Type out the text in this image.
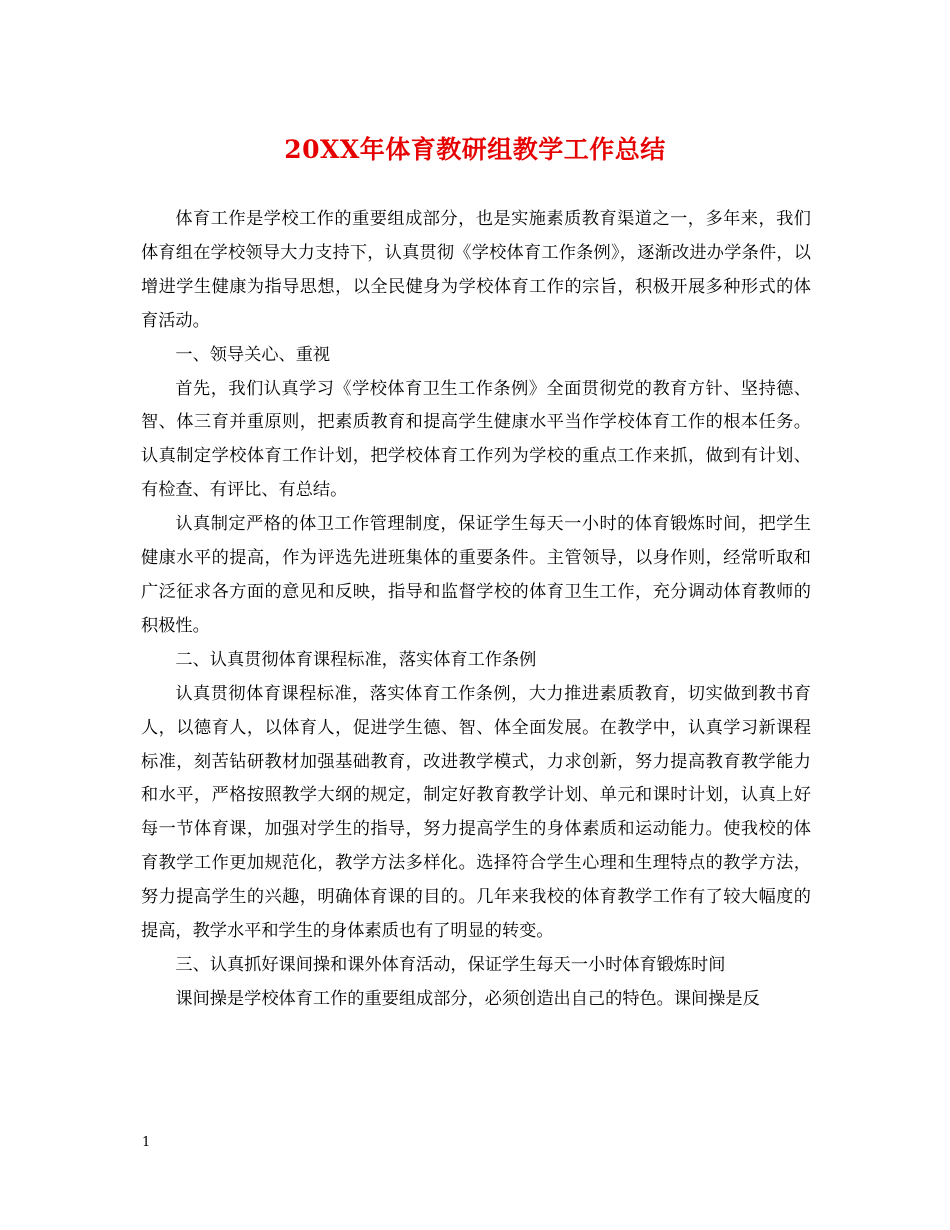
20XX年体育教研组教学工作总结

体育工作是学校工作的重要组成部分，也是实施素质教育渠道之一，多年来，我们体育组在学校领导大力支持下，认真贯彻《学校体育工作条例》，逐渐改进办学条件，以增进学生健康为指导思想，以全民健身为学校体育工作的宗旨，积极开展多种形式的体育活动。

一、领导关心、重视

首先，我们认真学习《学校体育卫生工作条例》全面贯彻党的教育方针、坚持德、智、体三育并重原则，把素质教育和提高学生健康水平当作学校体育工作的根本任务。认真制定学校体育工作计划，把学校体育工作列为学校的重点工作来抓，做到有计划、有检查、有评比、有总结。

认真制定严格的体卫工作管理制度，保证学生每天一小时的体育锻炼时间，把学生健康水平的提高，作为评选先进班集体的重要条件。主管领导，以身作则，经常听取和广泛征求各方面的意见和反映，指导和监督学校的体育卫生工作，充分调动体育教师的积极性。

二、认真贯彻体育课程标准，落实体育工作条例

认真贯彻体育课程标准，落实体育工作条例，大力推进素质教育，切实做到教书育人，以德育人，以体育人，促进学生德、智、体全面发展。在教学中，认真学习新课程标准，刻苦钻研教材加强基础教育，改进教学模式，力求创新，努力提高教育教学能力和水平，严格按照教学大纲的规定，制定好教育教学计划、单元和课时计划，认真上好每一节体育课，加强对学生的指导，努力提高学生的身体素质和运动能力。使我校的体育教学工作更加规范化，教学方法多样化。选择符合学生心理和生理特点的教学方法，努力提高学生的兴趣，明确体育课的目的。几年来我校的体育教学工作有了较大幅度的提高，教学水平和学生的身体素质也有了明显的转变。

三、认真抓好课间操和课外体育活动，保证学生每天一小时体育锻炼时间

课间操是学校体育工作的重要组成部分，必须创造出自己的特色。课间操是反

1
